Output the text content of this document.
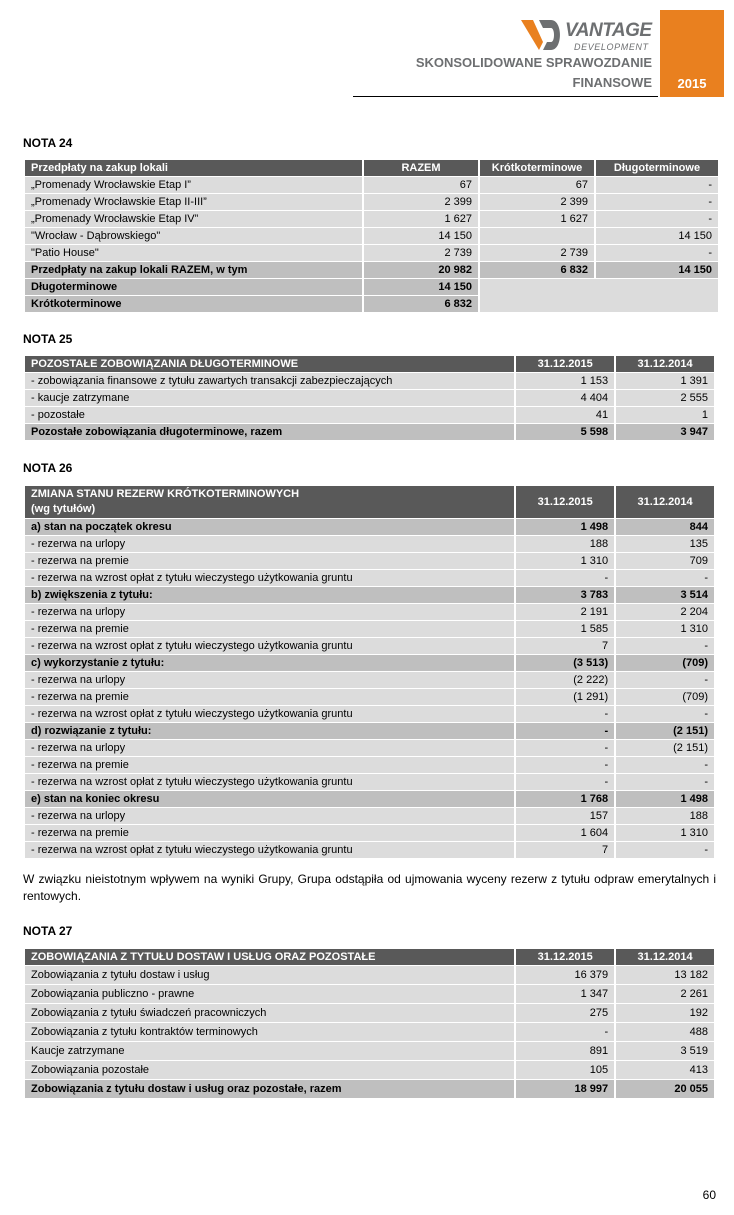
VANTAGE
DEVELOPMENT
SKONSOLIDOWANE SPRAWOZDANIE
FINANSOWE	2015
NOTA 24
Przedpłaty na zakup lokali	RAZEM	Krótkoterminowe	Długoterminowe
„Promenady Wrocławskie Etap I”	67	67	-
„Promenady Wrocławskie Etap II-III”	2 399	2 399	-
„Promenady Wrocławskie Etap IV”	1 627	1 627	-
"Wrocław - Dąbrowskiego"	14 150		14 150
"Patio House"	2 739	2 739	-
Przedpłaty na zakup lokali RAZEM, w tym	20 982	6 832	14 150
Długoterminowe	14 150		
Krótkoterminowe	6 832		
NOTA 25
POZOSTAŁE ZOBOWIĄZANIA DŁUGOTERMINOWE	31.12.2015	31.12.2014
- zobowiązania finansowe z tytułu zawartych transakcji zabezpieczających	1 153	1 391
- kaucje zatrzymane	4 404	2 555
- pozostałe	41	1
Pozostałe zobowiązania długoterminowe, razem	5 598	3 947
NOTA 26
ZMIANA STANU REZERW KRÓTKOTERMINOWYCH
(wg tytułów)	31.12.2015	31.12.2014
a) stan na początek okresu	1 498	844
- rezerwa na urlopy	188	135
- rezerwa na premie	1 310	709
- rezerwa na wzrost opłat z tytułu wieczystego użytkowania gruntu	-	-
b) zwiększenia z tytułu:	3 783	3 514
- rezerwa na urlopy	2 191	2 204
- rezerwa na premie	1 585	1 310
- rezerwa na wzrost opłat z tytułu wieczystego użytkowania gruntu	7	-
c) wykorzystanie z tytułu:	(3 513)	(709)
- rezerwa na urlopy	(2 222)	-
- rezerwa na premie	(1 291)	(709)
- rezerwa na wzrost opłat z tytułu wieczystego użytkowania gruntu	-	-
d) rozwiązanie z tytułu:	-	(2 151)
- rezerwa na urlopy	-	(2 151)
- rezerwa na premie	-	-
- rezerwa na wzrost opłat z tytułu wieczystego użytkowania gruntu	-	-
e) stan na koniec okresu	1 768	1 498
- rezerwa na urlopy	157	188
- rezerwa na premie	1 604	1 310
- rezerwa na wzrost opłat z tytułu wieczystego użytkowania gruntu	7	-
W związku nieistotnym wpływem na wyniki Grupy, Grupa odstąpiła od ujmowania wyceny rezerw z tytułu odpraw emerytalnych i rentowych.
NOTA 27
ZOBOWIĄZANIA Z TYTUŁU DOSTAW I USŁUG ORAZ POZOSTAŁE	31.12.2015	31.12.2014
Zobowiązania z tytułu dostaw i usług	16 379	13 182
Zobowiązania publiczno - prawne	1 347	2 261
Zobowiązania z tytułu świadczeń pracowniczych	275	192
Zobowiązania z tytułu kontraktów terminowych	-	488
Kaucje zatrzymane	891	3 519
Zobowiązania pozostałe	105	413
Zobowiązania z tytułu dostaw i usług oraz pozostałe, razem	18 997	20 055
60
